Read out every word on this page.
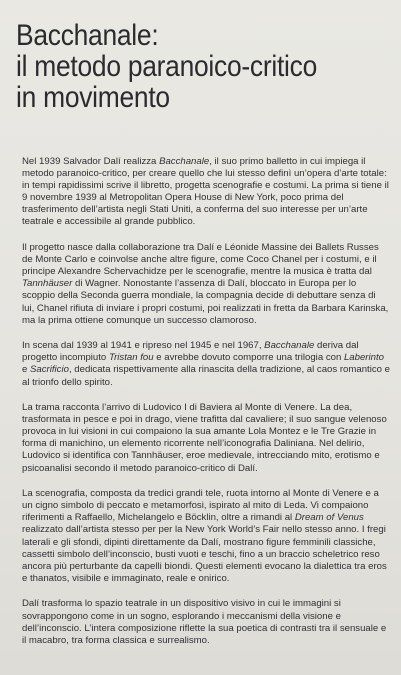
Bacchanale:
il metodo paranoico-critico
in movimento

Nel 1939 Salvador Dalí realizza Bacchanale, il suo primo balletto in cui impiega il metodo paranoico-critico, per creare quello che lui stesso definì un’opera d’arte totale: in tempi rapidissimi scrive il libretto, progetta scenografie e costumi. La prima si tiene il 9 novembre 1939 al Metropolitan Opera House di New York, poco prima del trasferimento dell’artista negli Stati Uniti, a conferma del suo interesse per un’arte teatrale e accessibile al grande pubblico.

Il progetto nasce dalla collaborazione tra Dalí e Léonide Massine dei Ballets Russes de Monte Carlo e coinvolse anche altre figure, come Coco Chanel per i costumi, e il principe Alexandre Schervachidze per le scenografie, mentre la musica è tratta dal Tannhäuser di Wagner. Nonostante l’assenza di Dalí, bloccato in Europa per lo scoppio della Seconda guerra mondiale, la compagnia decide di debuttare senza di lui, Chanel rifiuta di inviare i propri costumi, poi realizzati in fretta da Barbara Karinska, ma la prima ottiene comunque un successo clamoroso.

In scena dal 1939 al 1941 e ripreso nel 1945 e nel 1967, Bacchanale deriva dal progetto incompiuto Tristan fou e avrebbe dovuto comporre una trilogia con Laberinto e Sacrificio, dedicata rispettivamente alla rinascita della tradizione, al caos romantico e al trionfo dello spirito.

La trama racconta l’arrivo di Ludovico I di Baviera al Monte di Venere. La dea, trasformata in pesce e poi in drago, viene trafitta dal cavaliere; il suo sangue velenoso provoca in lui visioni in cui compaiono la sua amante Lola Montez e le Tre Grazie in forma di manichino, un elemento ricorrente nell’iconografia Daliniana. Nel delirio, Ludovico si identifica con Tannhäuser, eroe medievale, intrecciando mito, erotismo e psicoanalisi secondo il metodo paranoico-critico di Dalí.

La scenografia, composta da tredici grandi tele, ruota intorno al Monte di Venere e a un cigno simbolo di peccato e metamorfosi, ispirato al mito di Leda. Vi compaiono riferimenti a Raffaello, Michelangelo e Böcklin, oltre a rimandi al Dream of Venus realizzato dall’artista stesso per per la New York World’s Fair nello stesso anno. I fregi laterali e gli sfondi, dipinti direttamente da Dalí, mostrano figure femminili classiche, cassetti simbolo dell’inconscio, busti vuoti e teschi, fino a un braccio scheletrico reso ancora più perturbante da capelli biondi. Questi elementi evocano la dialettica tra eros e thanatos, visibile e immaginato, reale e onirico.

Dalí trasforma lo spazio teatrale in un dispositivo visivo in cui le immagini si sovrappongono come in un sogno, esplorando i meccanismi della visione e dell’inconscio. L’intera composizione riflette la sua poetica di contrasti tra il sensuale e il macabro, tra forma classica e surrealismo.
